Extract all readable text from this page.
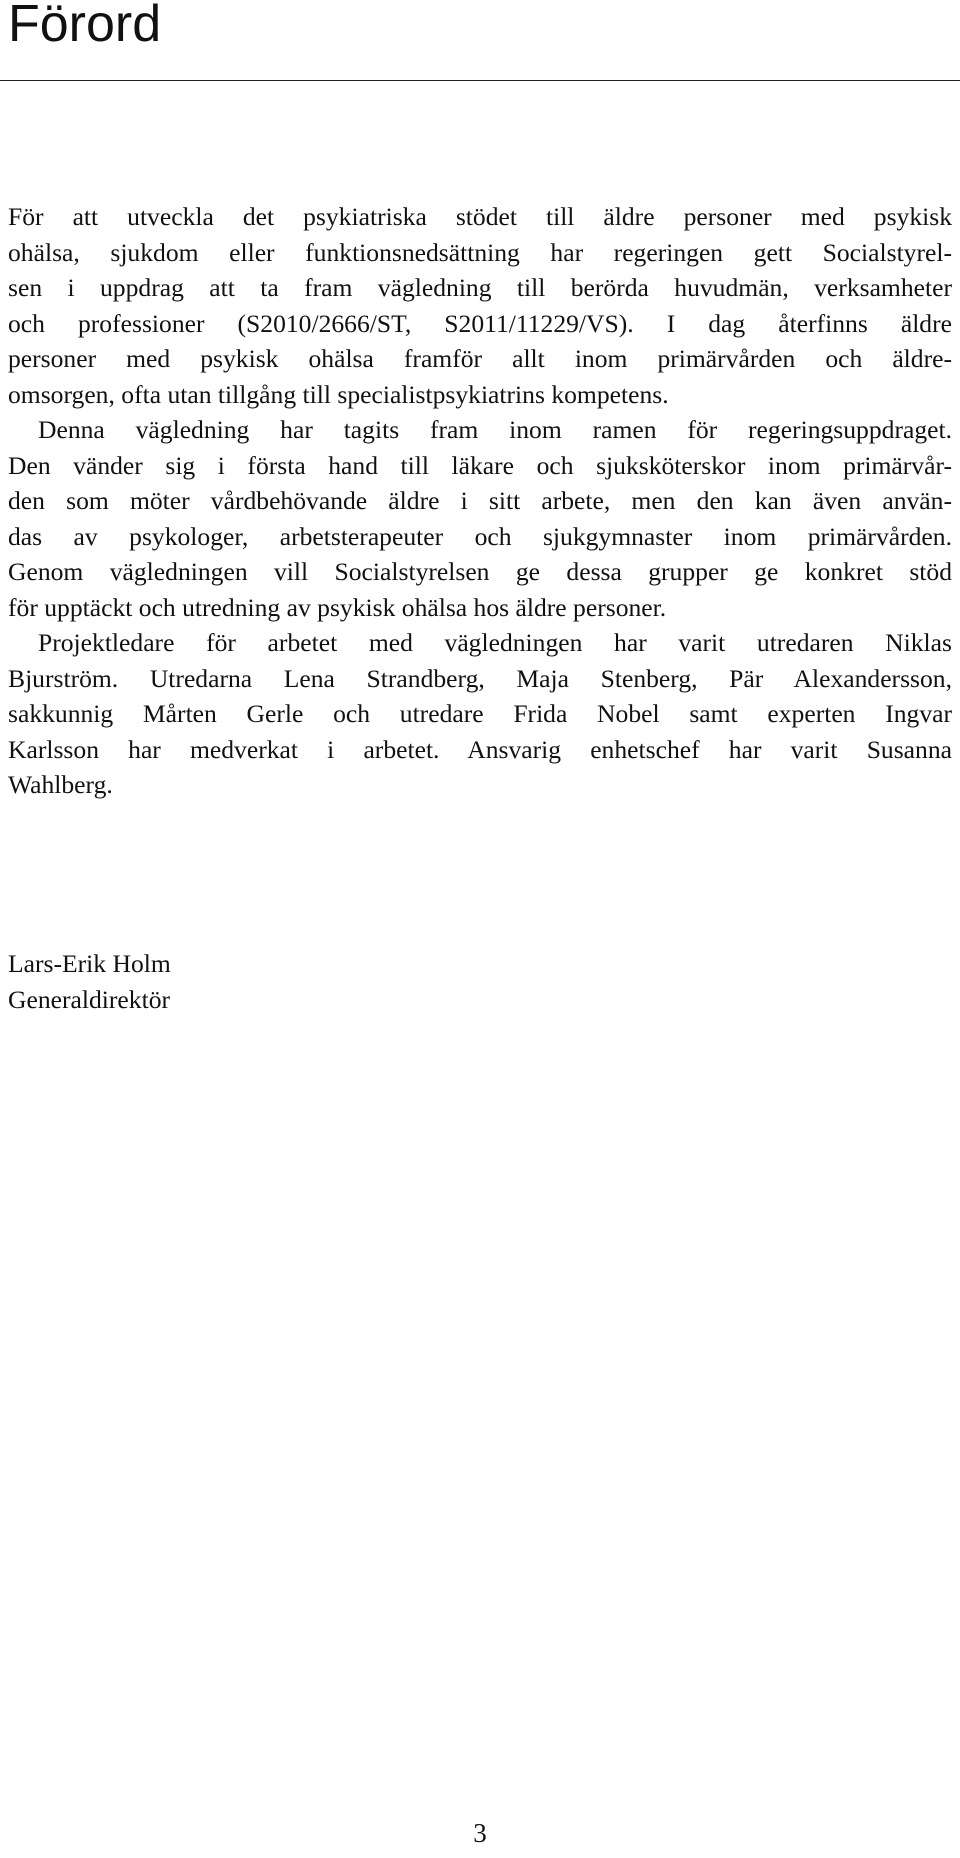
Förord
För att utveckla det psykiatriska stödet till äldre personer med psykisk
ohälsa, sjukdom eller funktionsnedsättning har regeringen gett Socialstyrel-
sen i uppdrag att ta fram vägledning till berörda huvudmän, verksamheter
och professioner (S2010/2666/ST, S2011/11229/VS). I dag återfinns äldre
personer med psykisk ohälsa framför allt inom primärvården och äldre-
omsorgen, ofta utan tillgång till specialistpsykiatrins kompetens.
Denna vägledning har tagits fram inom ramen för regeringsuppdraget.
Den vänder sig i första hand till läkare och sjuksköterskor inom primärvår-
den som möter vårdbehövande äldre i sitt arbete, men den kan även använ-
das av psykologer, arbetsterapeuter och sjukgymnaster inom primärvården.
Genom vägledningen vill Socialstyrelsen ge dessa grupper ge konkret stöd
för upptäckt och utredning av psykisk ohälsa hos äldre personer.
Projektledare för arbetet med vägledningen har varit utredaren Niklas
Bjurström. Utredarna Lena Strandberg, Maja Stenberg, Pär Alexandersson,
sakkunnig Mårten Gerle och utredare Frida Nobel samt experten Ingvar
Karlsson har medverkat i arbetet. Ansvarig enhetschef har varit Susanna
Wahlberg.
Lars-Erik Holm
Generaldirektör
3
